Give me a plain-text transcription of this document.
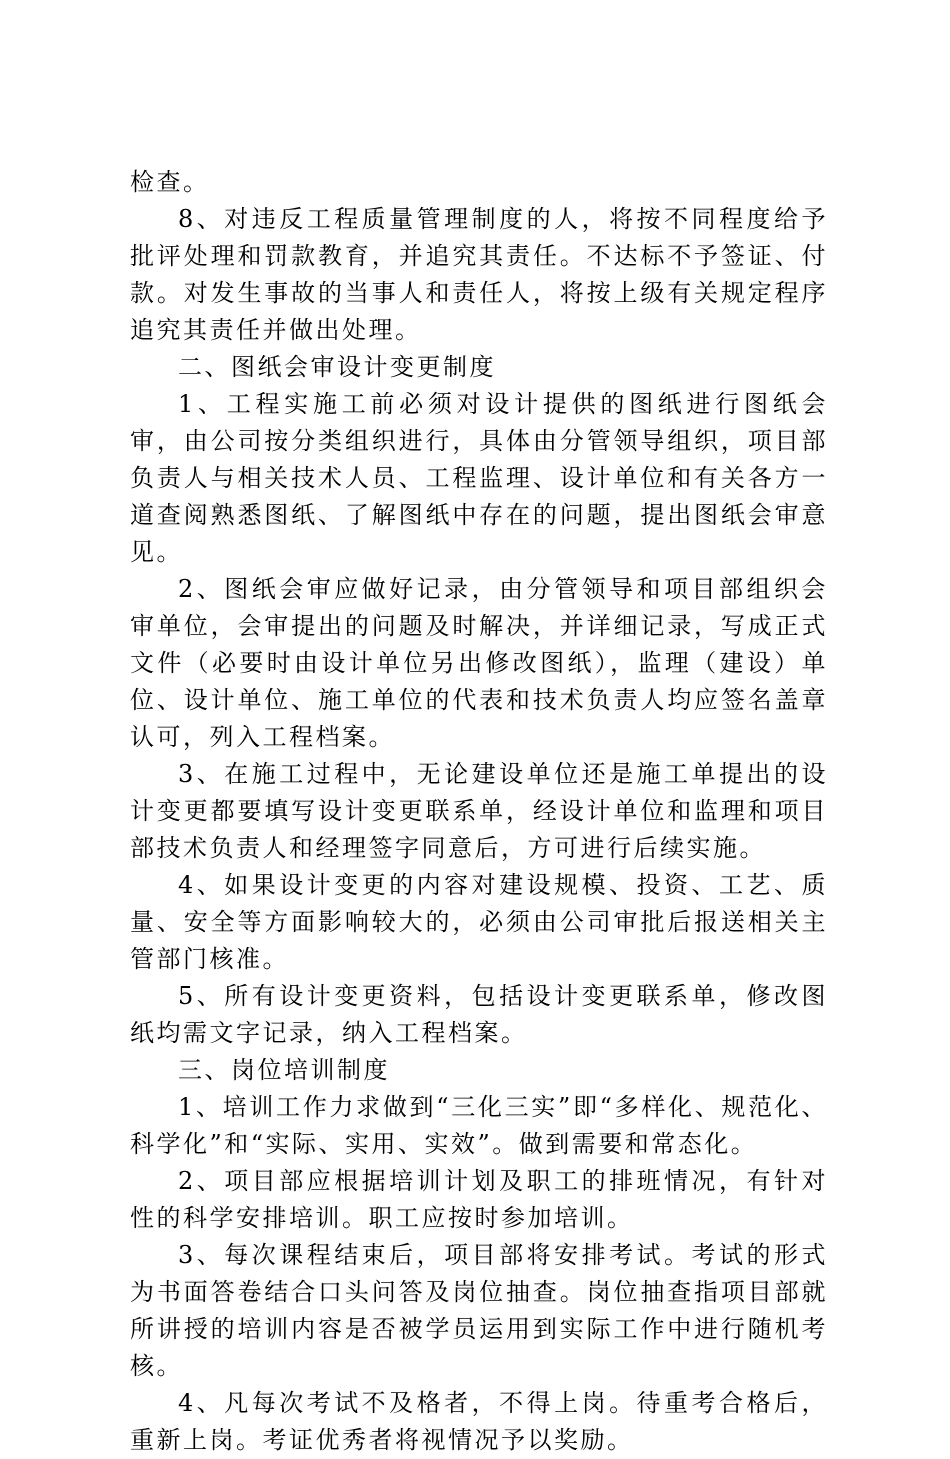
检查。

8、对违反工程质量管理制度的人，将按不同程度给予批评处理和罚款教育，并追究其责任。不达标不予签证、付款。对发生事故的当事人和责任人，将按上级有关规定程序追究其责任并做出处理。

二、图纸会审设计变更制度

1、工程实施工前必须对设计提供的图纸进行图纸会审，由公司按分类组织进行，具体由分管领导组织，项目部负责人与相关技术人员、工程监理、设计单位和有关各方一道查阅熟悉图纸、了解图纸中存在的问题，提出图纸会审意见。

2、图纸会审应做好记录，由分管领导和项目部组织会审单位，会审提出的问题及时解决，并详细记录，写成正式文件（必要时由设计单位另出修改图纸），监理（建设）单位、设计单位、施工单位的代表和技术负责人均应签名盖章认可，列入工程档案。

3、在施工过程中，无论建设单位还是施工单提出的设计变更都要填写设计变更联系单，经设计单位和监理和项目部技术负责人和经理签字同意后，方可进行后续实施。

4、如果设计变更的内容对建设规模、投资、工艺、质量、安全等方面影响较大的，必须由公司审批后报送相关主管部门核准。

5、所有设计变更资料，包括设计变更联系单，修改图纸均需文字记录，纳入工程档案。

三、岗位培训制度

1、培训工作力求做到“三化三实”即“多样化、规范化、科学化”和“实际、实用、实效”。做到需要和常态化。

2、项目部应根据培训计划及职工的排班情况，有针对性的科学安排培训。职工应按时参加培训。

3、每次课程结束后，项目部将安排考试。考试的形式为书面答卷结合口头问答及岗位抽查。岗位抽查指项目部就所讲授的培训内容是否被学员运用到实际工作中进行随机考核。

4、凡每次考试不及格者，不得上岗。待重考合格后，重新上岗。考证优秀者将视情况予以奖励。
